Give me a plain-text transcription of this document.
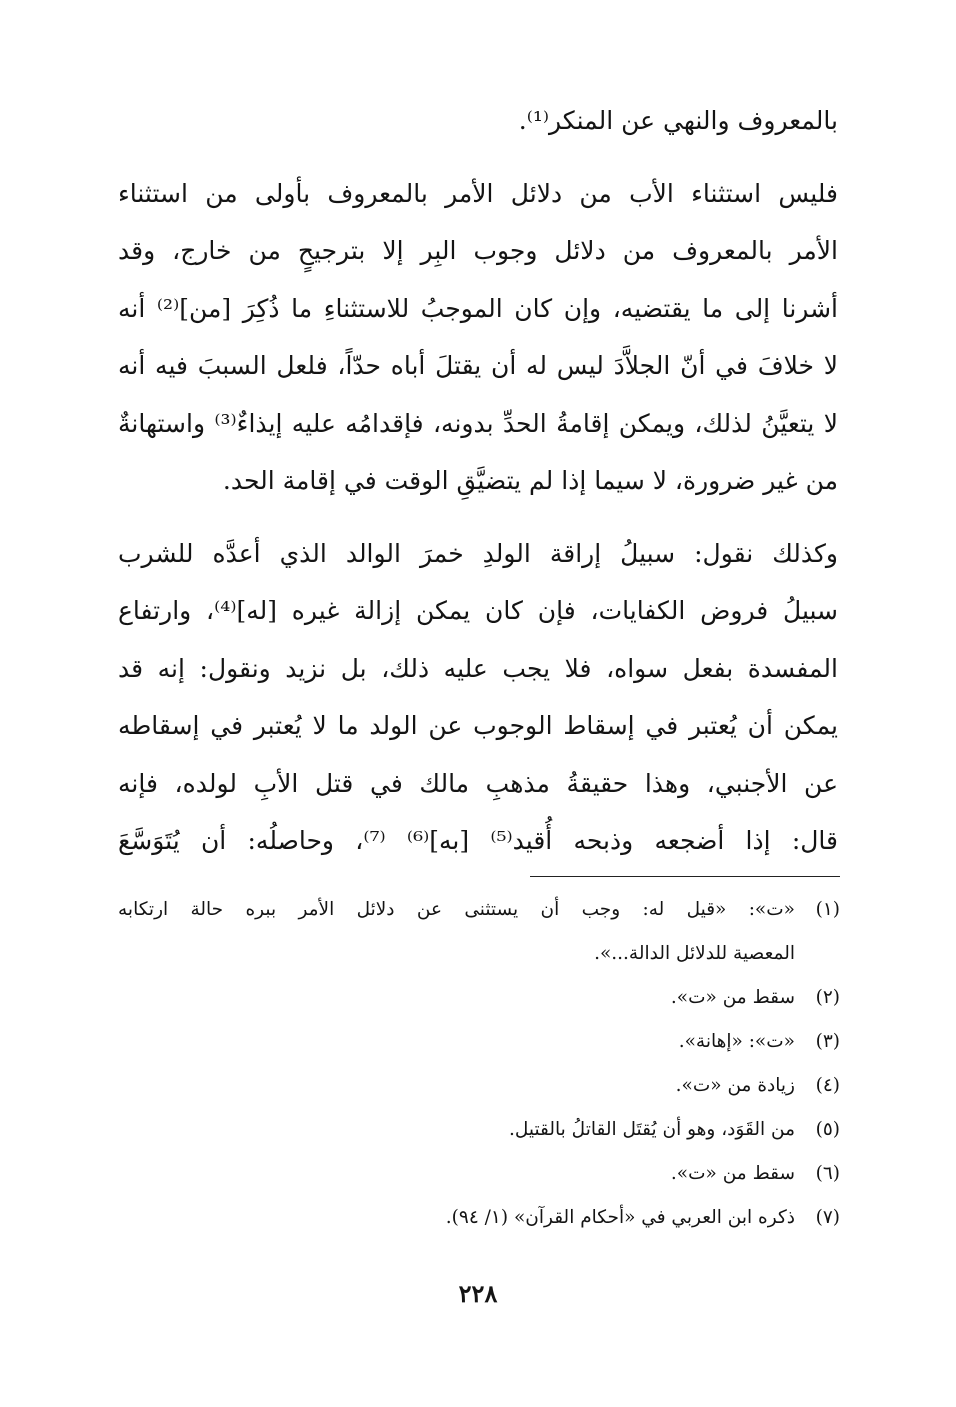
بالمعروف والنهي عن المنكر⁽¹⁾.
فليس استثناء الأب من دلائل الأمر بالمعروف بأولى من استثناء
الأمر بالمعروف من دلائل وجوب البِر إلا بترجيحٍ من خارج، وقد
أشرنا إلى ما يقتضيه، وإن كان الموجبُ للاستثناءِ ما ذُكِرَ [من]⁽²⁾ أنه
لا خلافَ في أنّ الجلاَّدَ ليس له أن يقتلَ أباه حدّاً، فلعل السببَ فيه أنه
لا يتعيَّنُ لذلك، ويمكن إقامةُ الحدِّ بدونه، فإقدامُه عليه إيذاءٌ⁽³⁾ واستهانةٌ
من غير ضرورة، لا سيما إذا لم يتضيَّقِ الوقت في إقامة الحد.
وكذلك نقول: سبيلُ إراقة الولدِ خمرَ الوالد الذي أعدَّه للشرب
سبيلُ فروض الكفايات، فإن كان يمكن إزالة غيره [له]⁽⁴⁾، وارتفاع
المفسدة بفعل سواه، فلا يجب عليه ذلك، بل نزيد ونقول: إنه قد
يمكن أن يُعتبر في إسقاط الوجوب عن الولد ما لا يُعتبر في إسقاطه
عن الأجنبي، وهذا حقيقةُ مذهبِ مالك في قتل الأبِ لولده، فإنه
قال: إذا أضجعه وذبحه أُقيد⁽⁵⁾ [به]⁽⁶⁾ ⁽⁷⁾، وحاصلُه: أن يُتَوَسَّعَ
(١)
«ت»: «قيل له: وجب أن يستثنى عن دلائل الأمر ببره حالة ارتكابه
المعصية للدلائل الدالة...».
(٢)
سقط من «ت».
(٣)
«ت»: «إهانة».
(٤)
زيادة من «ت».
(٥)
من القَوَد، وهو أن يُقتَل القاتلُ بالقتيل.
(٦)
سقط من «ت».
(٧)
ذكره ابن العربي في «أحكام القرآن» (١/ ٩٤).
٢٢٨
